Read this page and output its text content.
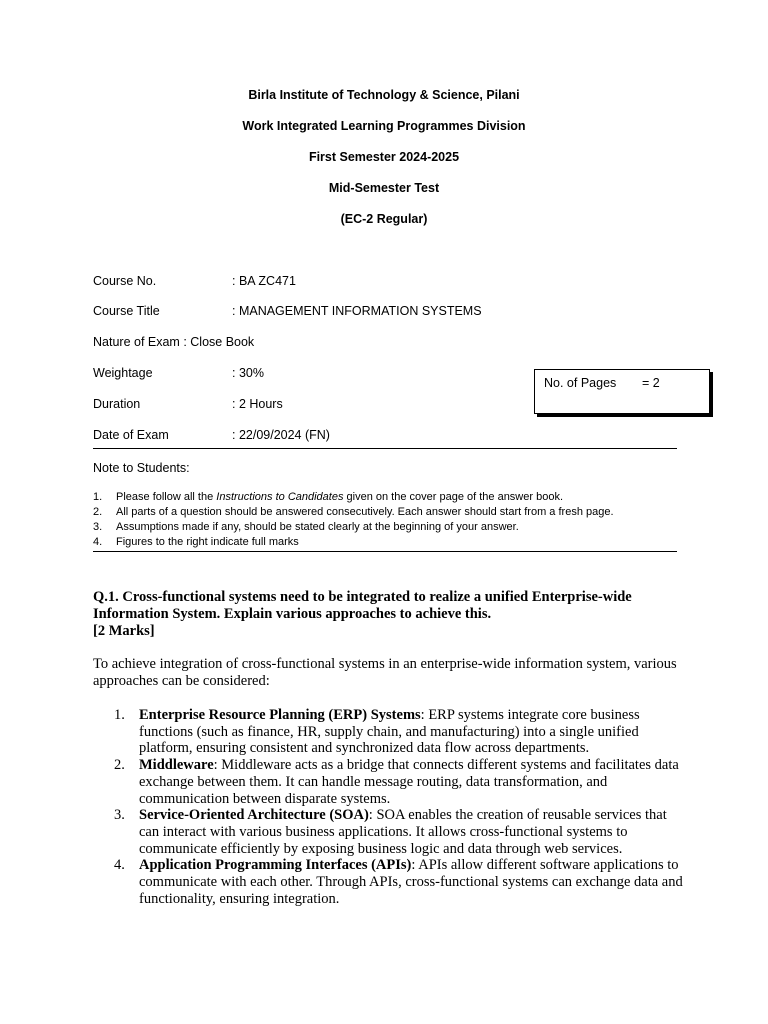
Birla Institute of Technology & Science, Pilani
Work Integrated Learning Programmes Division
First Semester 2024-2025
Mid-Semester Test
(EC-2 Regular)
Course No.	: BA ZC471
Course Title	: MANAGEMENT INFORMATION SYSTEMS
Nature of Exam : Close Book
Weightage	: 30%
Duration	: 2 Hours
Date of Exam	: 22/09/2024 (FN)
No. of Pages = 2
Note to Students:
1. Please follow all the Instructions to Candidates given on the cover page of the answer book.
2. All parts of a question should be answered consecutively. Each answer should start from a fresh page.
3. Assumptions made if any, should be stated clearly at the beginning of your answer.
4. Figures to the right indicate full marks
Q.1. Cross-functional systems need to be integrated to realize a unified Enterprise-wide Information System. Explain various approaches to achieve this.
[2 Marks]
To achieve integration of cross-functional systems in an enterprise-wide information system, various approaches can be considered:
1. Enterprise Resource Planning (ERP) Systems: ERP systems integrate core business functions (such as finance, HR, supply chain, and manufacturing) into a single unified platform, ensuring consistent and synchronized data flow across departments.
2. Middleware: Middleware acts as a bridge that connects different systems and facilitates data exchange between them. It can handle message routing, data transformation, and communication between disparate systems.
3. Service-Oriented Architecture (SOA): SOA enables the creation of reusable services that can interact with various business applications. It allows cross-functional systems to communicate efficiently by exposing business logic and data through web services.
4. Application Programming Interfaces (APIs): APIs allow different software applications to communicate with each other. Through APIs, cross-functional systems can exchange data and functionality, ensuring integration.
